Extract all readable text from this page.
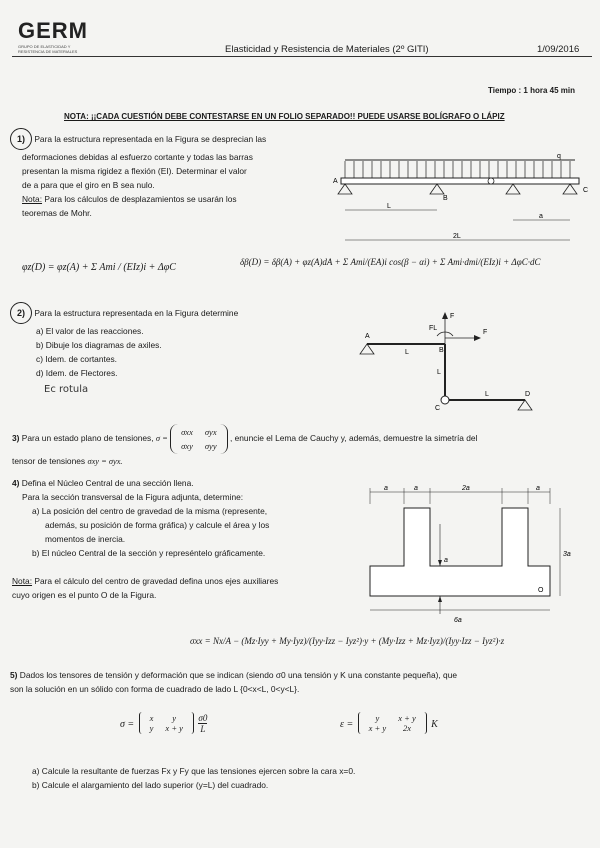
GERM
GRUPO DE ELASTICIDAD Y RESISTENCIA DE MATERIALES	Elasticidad y Resistencia de Materiales (2º GITI)	1/09/2016
Tiempo : 1 hora 45 min
NOTA: ¡¡CADA CUESTIÓN DEBE CONTESTARSE EN UN FOLIO SEPARADO!! PUEDE USARSE BOLÍGRAFO O LÁPIZ
1) Para la estructura representada en la Figura se desprecian las
deformaciones debidas al esfuerzo cortante y todas las barras
presentan la misma rigidez a flexión (EI). Determinar el valor
de a para que el giro en B sea nulo.
Nota: Para los cálculos de desplazamientos se usarán los
teoremas de Mohr.
q
A
C
B
L
a
2L
φz(D) = φz(A) + Σ Ami / (EIz)i + ΔφC	δβ(D) = δβ(A) + φz(A)dA + Σ Ami/(EA)i cos(β − αi) + Σ Ami·dmi/(EIz)i + ΔφC·dC
2) Para la estructura representada en la Figura determine
a) El valor de las reacciones.
b) Dibuje los diagramas de axiles.
c) Idem. de cortantes.
d) Idem. de Flectores.
Ec rotula
F
F
FL
A
B
C
D
L
L
L
3) Para un estado plano de tensiones, σ =
σxx	σyx
σxy	σyy
, enuncie el Lema de Cauchy y, además, demuestre la simetría del
tensor de tensiones σxy = σyx.
4) Defina el Núcleo Central de una sección llena.
Para la sección transversal de la Figura adjunta, determine:
a) La posición del centro de gravedad de la misma (represente,
además, su posición de forma gráfica) y calcule el área y los
momentos de inercia.
b) El núcleo Central de la sección y represéntelo gráficamente.
Nota: Para el cálculo del centro de gravedad defina unos ejes auxiliares
cuyo origen es el punto O de la Figura.
a	a	2a	a
a
3a
6a
O
σxx = Nx/A − (Mz·Iyy + My·Iyz)/(Iyy·Izz − Iyz²)·y + (My·Izz + Mz·Iyz)/(Iyy·Izz − Iyz²)·z
5) Dados los tensores de tensión y deformación que se indican (siendo σ0 una tensión y K una constante pequeña), que
son la solución en un sólido con forma de cuadrado de lado L {0<x<L, 0<y<L}.
σ =
x	y
y	x + y
$\frac{\sigma 0}{L}$	ε =
y	x + y
x + y	2x K
a) Calcule la resultante de fuerzas Fx y Fy que las tensiones ejercen sobre la cara x=0.
b) Calcule el alargamiento del lado superior (y=L) del cuadrado.
